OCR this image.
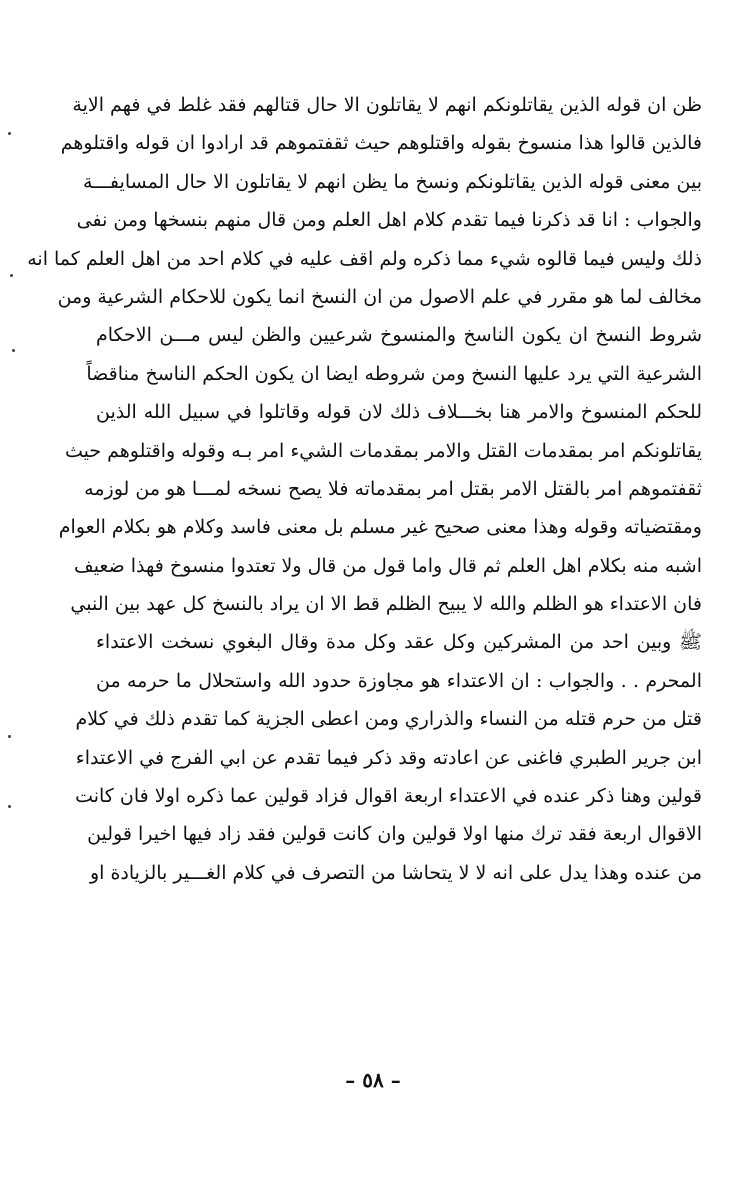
ظن ان قوله الذين يقاتلونكم انهم لا يقاتلون الا حال قتالهم فقد غلط في فهم الاية
فالذين قالوا هذا منسوخ بقوله واقتلوهم حيث ثقفتموهم قد ارادوا ان قوله واقتلوهم
بين معنى قوله الذين يقاتلونكم ونسخ ما يظن انهم لا يقاتلون الا حال المسايفـــة
والجواب : انا قد ذكرنا فيما تقدم كلام اهل العلم ومن قال منهم بنسخها ومن نفى
ذلك وليس فيما قالوه شيء مما ذكره ولم اقف عليه في كلام احد من اهل العلم كما انه
مخالف لما هو مقرر في علم الاصول من ان النسخ انما يكون للاحكام الشرعية ومن
شروط النسخ ان يكون الناسخ والمنسوخ شرعيين والظن ليس مـــن الاحكام
الشرعية التي يرد عليها النسخ ومن شروطه ايضا ان يكون الحكم الناسخ مناقضاً
للحكم المنسوخ والامر هنا بخـــلاف ذلك لان قوله وقاتلوا في سبيل الله الذين
يقاتلونكم امر بمقدمات القتل والامر بمقدمات الشيء امر بـه وقوله واقتلوهم حيث
ثقفتموهم امر بالقتل الامر بقتل امر بمقدماته فلا يصح نسخه لمـــا هو من لوزمه
ومقتضياته وقوله وهذا معنى صحيح غير مسلم بل معنى فاسد وكلام هو بكلام العوام
اشبه منه بكلام اهل العلم ثم قال واما قول من قال ولا تعتدوا منسوخ فهذا ضعيف
فان الاعتداء هو الظلم والله لا يبيح الظلم قط الا ان يراد بالنسخ كل عهد بين النبي
ﷺ وبين احد من المشركين وكل عقد وكل مدة وقال البغوي نسخت الاعتداء
المحرم . . والجواب : ان الاعتداء هو مجاوزة حدود الله واستحلال ما حرمه من
قتل من حرم قتله من النساء والذراري ومن اعطى الجزية كما تقدم ذلك في كلام
ابن جرير الطبري فاغنى عن اعادته وقد ذكر فيما تقدم عن ابي الفرج في الاعتداء
قولين وهنا ذكر عنده في الاعتداء اربعة اقوال فزاد قولين عما ذكره اولا فان كانت
الاقوال اربعة فقد ترك منها اولا قولين وان كانت قولين فقد زاد فيها اخيرا قولين
من عنده وهذا يدل على انه لا لا يتحاشا من التصرف في كلام الغـــير بالزيادة او
– ٥٨ –
